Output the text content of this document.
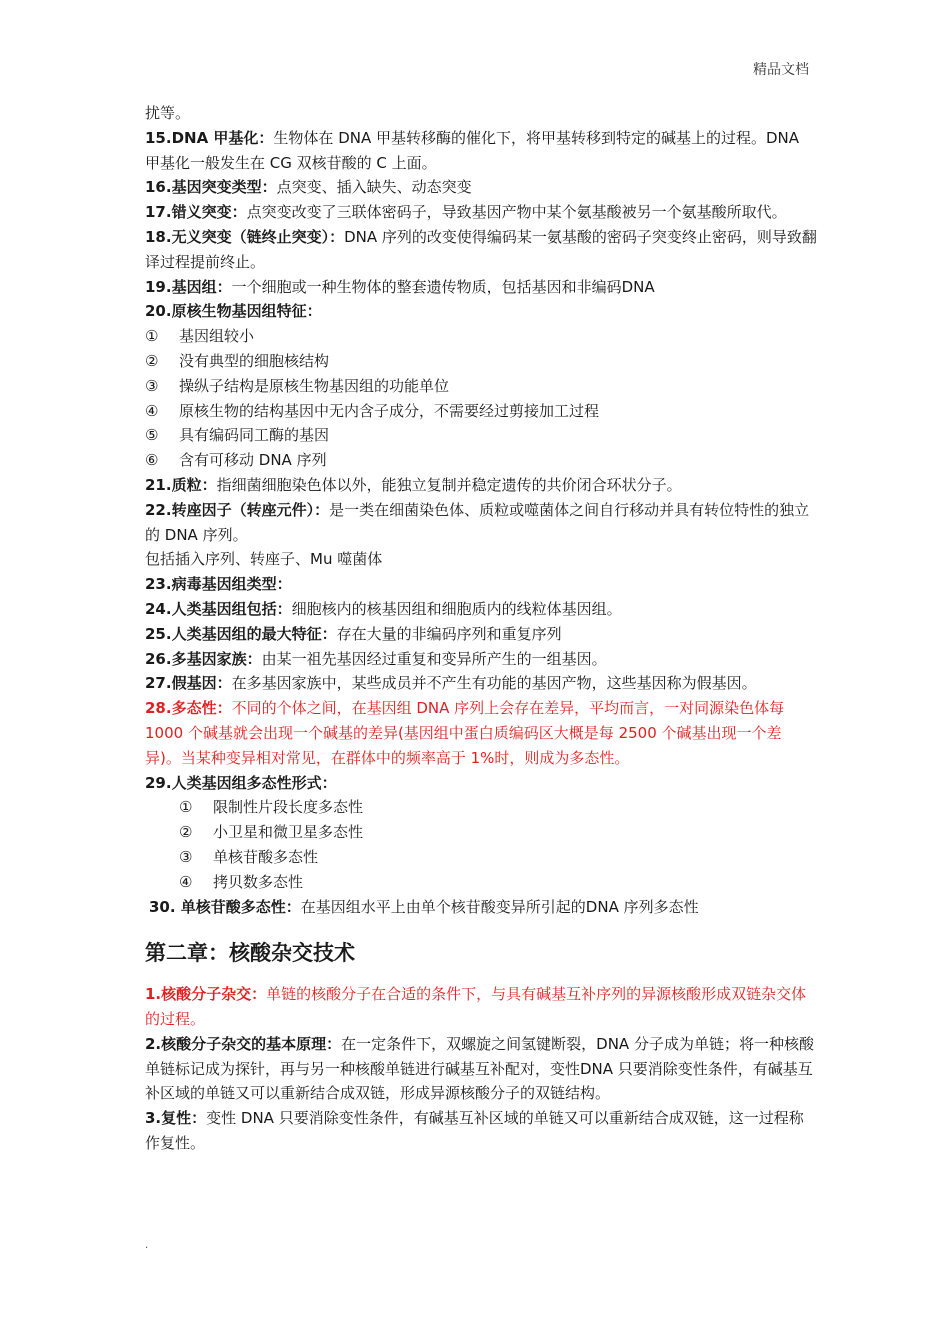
精品文档

扰等。

15.DNA 甲基化：生物体在 DNA 甲基转移酶的催化下，将甲基转移到特定的碱基上的过程。DNA 甲基化一般发生在 CG 双核苷酸的 C 上面。

16.基因突变类型：点突变、插入缺失、动态突变

17.错义突变：点突变改变了三联体密码子，导致基因产物中某个氨基酸被另一个氨基酸所取代。

18.无义突变（链终止突变）：DNA 序列的改变使得编码某一氨基酸的密码子突变终止密码，则导致翻译过程提前终止。

19.基因组：一个细胞或一种生物体的整套遗传物质，包括基因和非编码DNA

20.原核生物基因组特征：

①	基因组较小
②	没有典型的细胞核结构
③	操纵子结构是原核生物基因组的功能单位
④	原核生物的结构基因中无内含子成分，不需要经过剪接加工过程
⑤	具有编码同工酶的基因
⑥	含有可移动 DNA 序列

21.质粒：指细菌细胞染色体以外，能独立复制并稳定遗传的共价闭合环状分子。

22.转座因子（转座元件）：是一类在细菌染色体、质粒或噬菌体之间自行移动并具有转位特性的独立的 DNA 序列。

包括插入序列、转座子、Mu 噬菌体

23.病毒基因组类型：

24.人类基因组包括：细胞核内的核基因组和细胞质内的线粒体基因组。

25.人类基因组的最大特征：存在大量的非编码序列和重复序列

26.多基因家族：由某一祖先基因经过重复和变异所产生的一组基因。

27.假基因：在多基因家族中，某些成员并不产生有功能的基因产物，这些基因称为假基因。

28.多态性：不同的个体之间，在基因组 DNA 序列上会存在差异，平均而言，一对同源染色体每 1000 个碱基就会出现一个碱基的差异(基因组中蛋白质编码区大概是每 2500 个碱基出现一个差异)。当某种变异相对常见，在群体中的频率高于 1%时，则成为多态性。

29.人类基因组多态性形式：

①	限制性片段长度多态性
②	小卫星和微卫星多态性
③	单核苷酸多态性
④	拷贝数多态性

30. 单核苷酸多态性：在基因组水平上由单个核苷酸变异所引起的DNA 序列多态性

第二章：核酸杂交技术

1.核酸分子杂交：单链的核酸分子在合适的条件下，与具有碱基互补序列的异源核酸形成双链杂交体的过程。

2.核酸分子杂交的基本原理：在一定条件下，双螺旋之间氢键断裂，DNA 分子成为单链；将一种核酸单链标记成为探针，再与另一种核酸单链进行碱基互补配对，变性DNA 只要消除变性条件，有碱基互补区域的单链又可以重新结合成双链，形成异源核酸分子的双链结构。

3.复性：变性 DNA 只要消除变性条件，有碱基互补区域的单链又可以重新结合成双链，这一过程称作复性。

.
